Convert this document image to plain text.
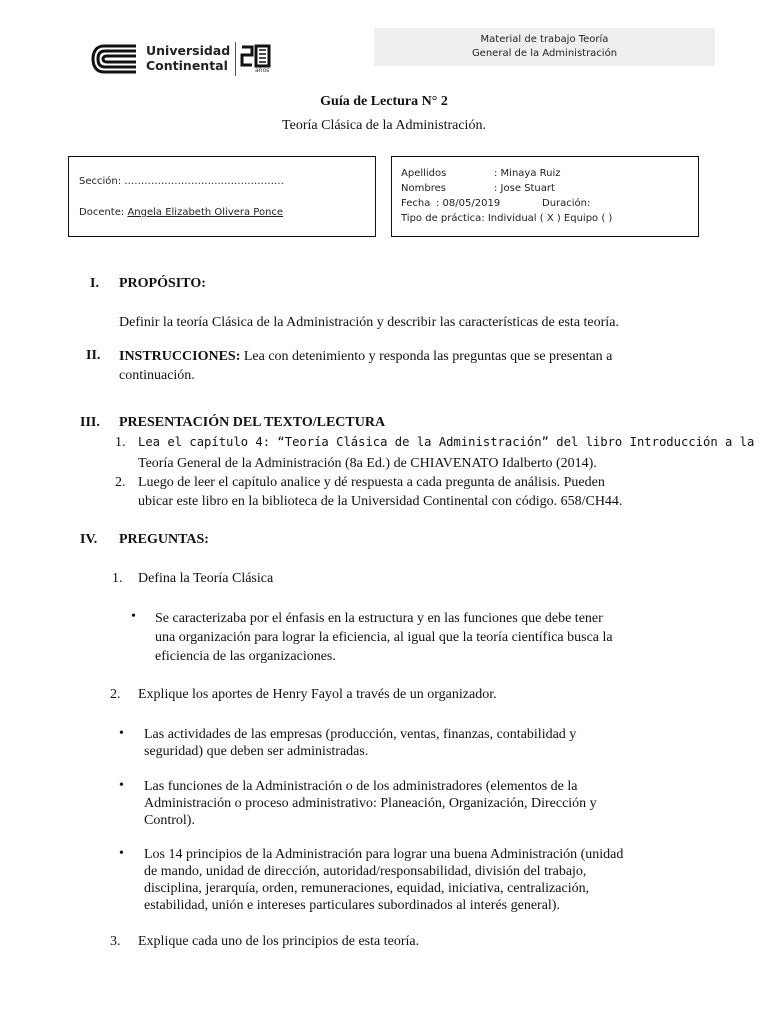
Universidad
Continental	años
Material de trabajo Teoría
General de la Administración
Guía de Lectura N° 2
Teoría Clásica de la Administración.
Sección: ………………………..……………….
Docente: Angela Elizabeth Olivera Ponce
Apellidos	: Minaya Ruiz
Nombres	: Jose Stuart
Fecha : 08/05/2019	Duración:
Tipo de práctica: Individual ( X ) Equipo ( )
I. PROPÓSITO:
Definir la teoría Clásica de la Administración y describir las características de esta teoría.
II. INSTRUCCIONES: Lea con detenimiento y responda las preguntas que se presentan a
continuación.
III. PRESENTACIÓN DEL TEXTO/LECTURA
1. Lea el capítulo 4: “Teoría Clásica de la Administración” del libro Introducción a la
Teoría General de la Administración (8a Ed.) de CHIAVENATO Idalberto (2014).
2. Luego de leer el capítulo analice y dé respuesta a cada pregunta de análisis. Pueden
ubicar este libro en la biblioteca de la Universidad Continental con código. 658/CH44.
IV. PREGUNTAS:
1. Defina la Teoría Clásica
• Se caracterizaba por el énfasis en la estructura y en las funciones que debe tener
una organización para lograr la eficiencia, al igual que la teoría científica busca la
eficiencia de las organizaciones.
2. Explique los aportes de Henry Fayol a través de un organizador.
• Las actividades de las empresas (producción, ventas, finanzas, contabilidad y
seguridad) que deben ser administradas.
• Las funciones de la Administración o de los administradores (elementos de la
Administración o proceso administrativo: Planeación, Organización, Dirección y
Control).
• Los 14 principios de la Administración para lograr una buena Administración (unidad
de mando, unidad de dirección, autoridad/responsabilidad, división del trabajo,
disciplina, jerarquía, orden, remuneraciones, equidad, iniciativa, centralización,
estabilidad, unión e intereses particulares subordinados al interés general).
3. Explique cada uno de los principios de esta teoría.
